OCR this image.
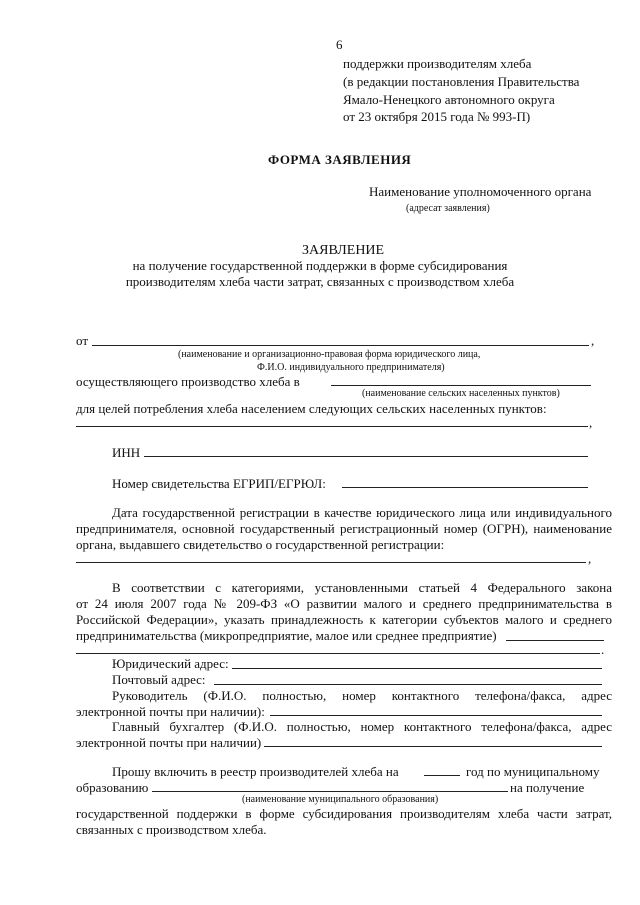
6
поддержки производителям хлеба
(в редакции постановления Правительства
Ямало-Ненецкого автономного округа
от 23 октября 2015 года № 993-П)
ФОРМА ЗАЯВЛЕНИЯ
Наименование уполномоченного органа
(адресат заявления)
ЗАЯВЛЕНИЕ
на получение государственной поддержки в форме субсидирования
производителям хлеба части затрат, связанных с производством хлеба
от	,
(наименование и организационно-правовая форма юридического лица,
Ф.И.О. индивидуального предпринимателя)
осуществляющего производство хлеба в
(наименование сельских населенных пунктов)
для целей потребления хлеба населением следующих сельских населенных пунктов:
,
ИНН
Номер свидетельства ЕГРИП/ЕГРЮЛ:
Дата государственной регистрации в качестве юридического лица или индивидуального
предпринимателя, основной государственный регистрационный номер (ОГРН), наименование
органа, выдавшего свидетельство о государственной регистрации:
,
В соответствии с категориями, установленными статьей 4 Федерального закона
от 24 июля 2007 года № 209-ФЗ «О развитии малого и среднего предпринимательства в
Российской Федерации», указать принадлежность к категории субъектов малого и среднего
предпринимательства (микропредприятие, малое или среднее предприятие)
.
Юридический адрес:
Почтовый адрес:
Руководитель (Ф.И.О. полностью, номер контактного телефона/факса, адрес
электронной почты при наличии):
Главный бухгалтер (Ф.И.О. полностью, номер контактного телефона/факса, адрес
электронной почты при наличии)
Прошу включить в реестр производителей хлеба на	год по муниципальному
образованию	на получение
(наименование муниципального образования)
государственной поддержки в форме субсидирования производителям хлеба части затрат,
связанных с производством хлеба.
